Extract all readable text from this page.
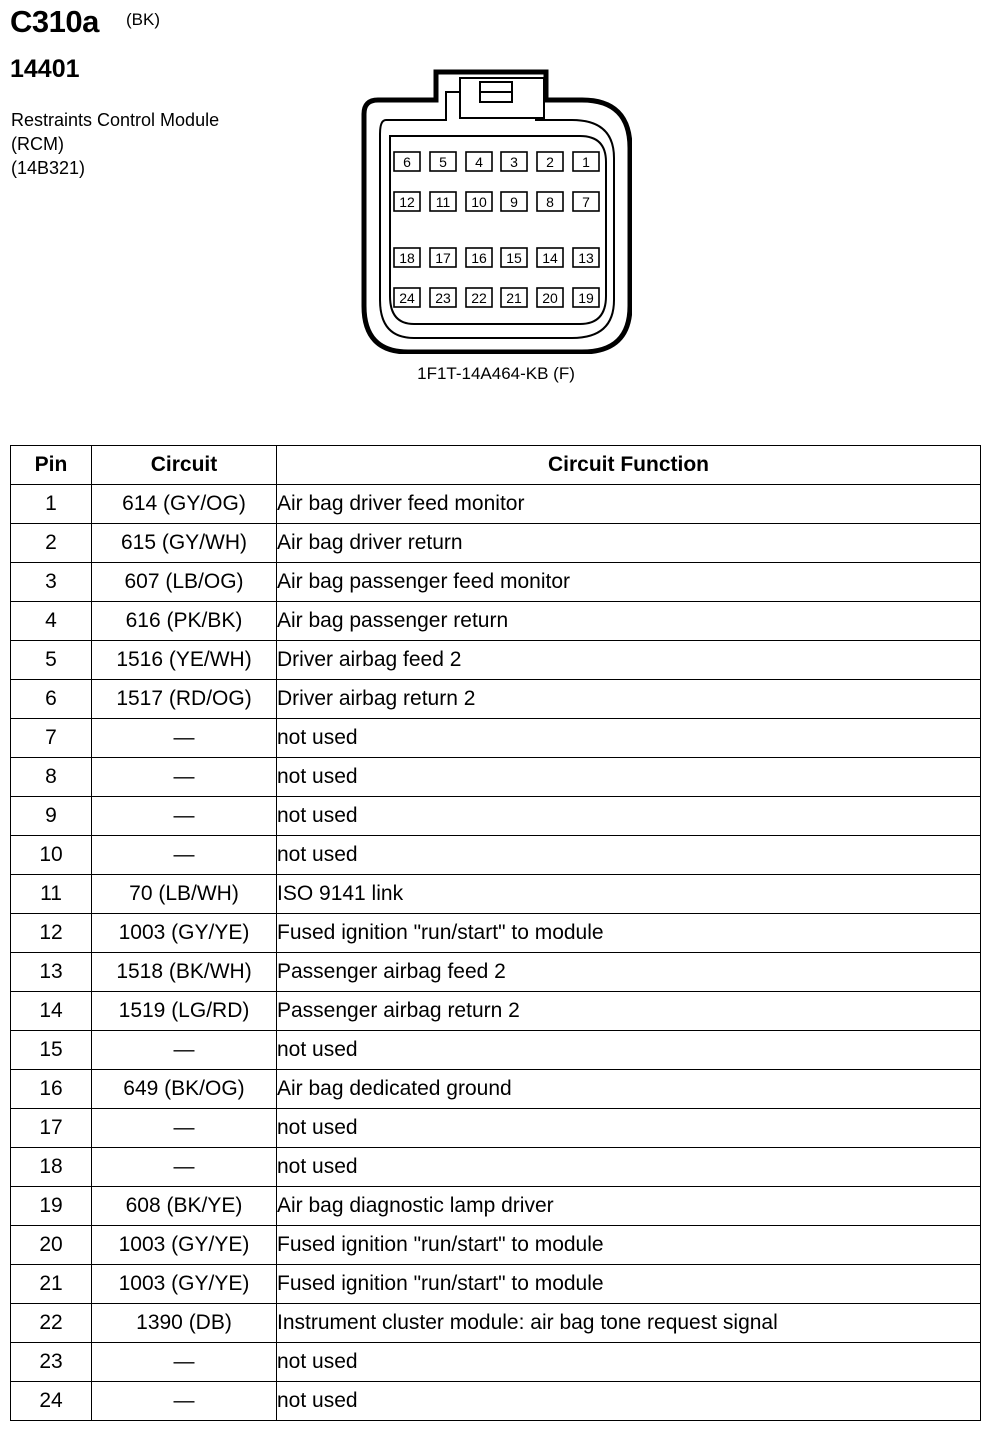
C310a (BK)
14401
Restraints Control Module
(RCM)
(14B321)	6 5 4 3 2 1
12 11 10 9 8 7
18 17 16 15 14 13
24 23 22 21 20 19
1F1T-14A464-KB (F)
Pin	Circuit	Circuit Function
1	614 (GY/OG)	Air bag driver feed monitor
2	615 (GY/WH)	Air bag driver return
3	607 (LB/OG)	Air bag passenger feed monitor
4	616 (PK/BK)	Air bag passenger return
5	1516 (YE/WH)	Driver airbag feed 2
6	1517 (RD/OG)	Driver airbag return 2
7	—	not used
8	—	not used
9	—	not used
10	—	not used
11	70 (LB/WH)	ISO 9141 link
12	1003 (GY/YE)	Fused ignition "run/start" to module
13	1518 (BK/WH)	Passenger airbag feed 2
14	1519 (LG/RD)	Passenger airbag return 2
15	—	not used
16	649 (BK/OG)	Air bag dedicated ground
17	—	not used
18	—	not used
19	608 (BK/YE)	Air bag diagnostic lamp driver
20	1003 (GY/YE)	Fused ignition "run/start" to module
21	1003 (GY/YE)	Fused ignition "run/start" to module
22	1390 (DB)	Instrument cluster module: air bag tone request signal
23	—	not used
24	—	not used
